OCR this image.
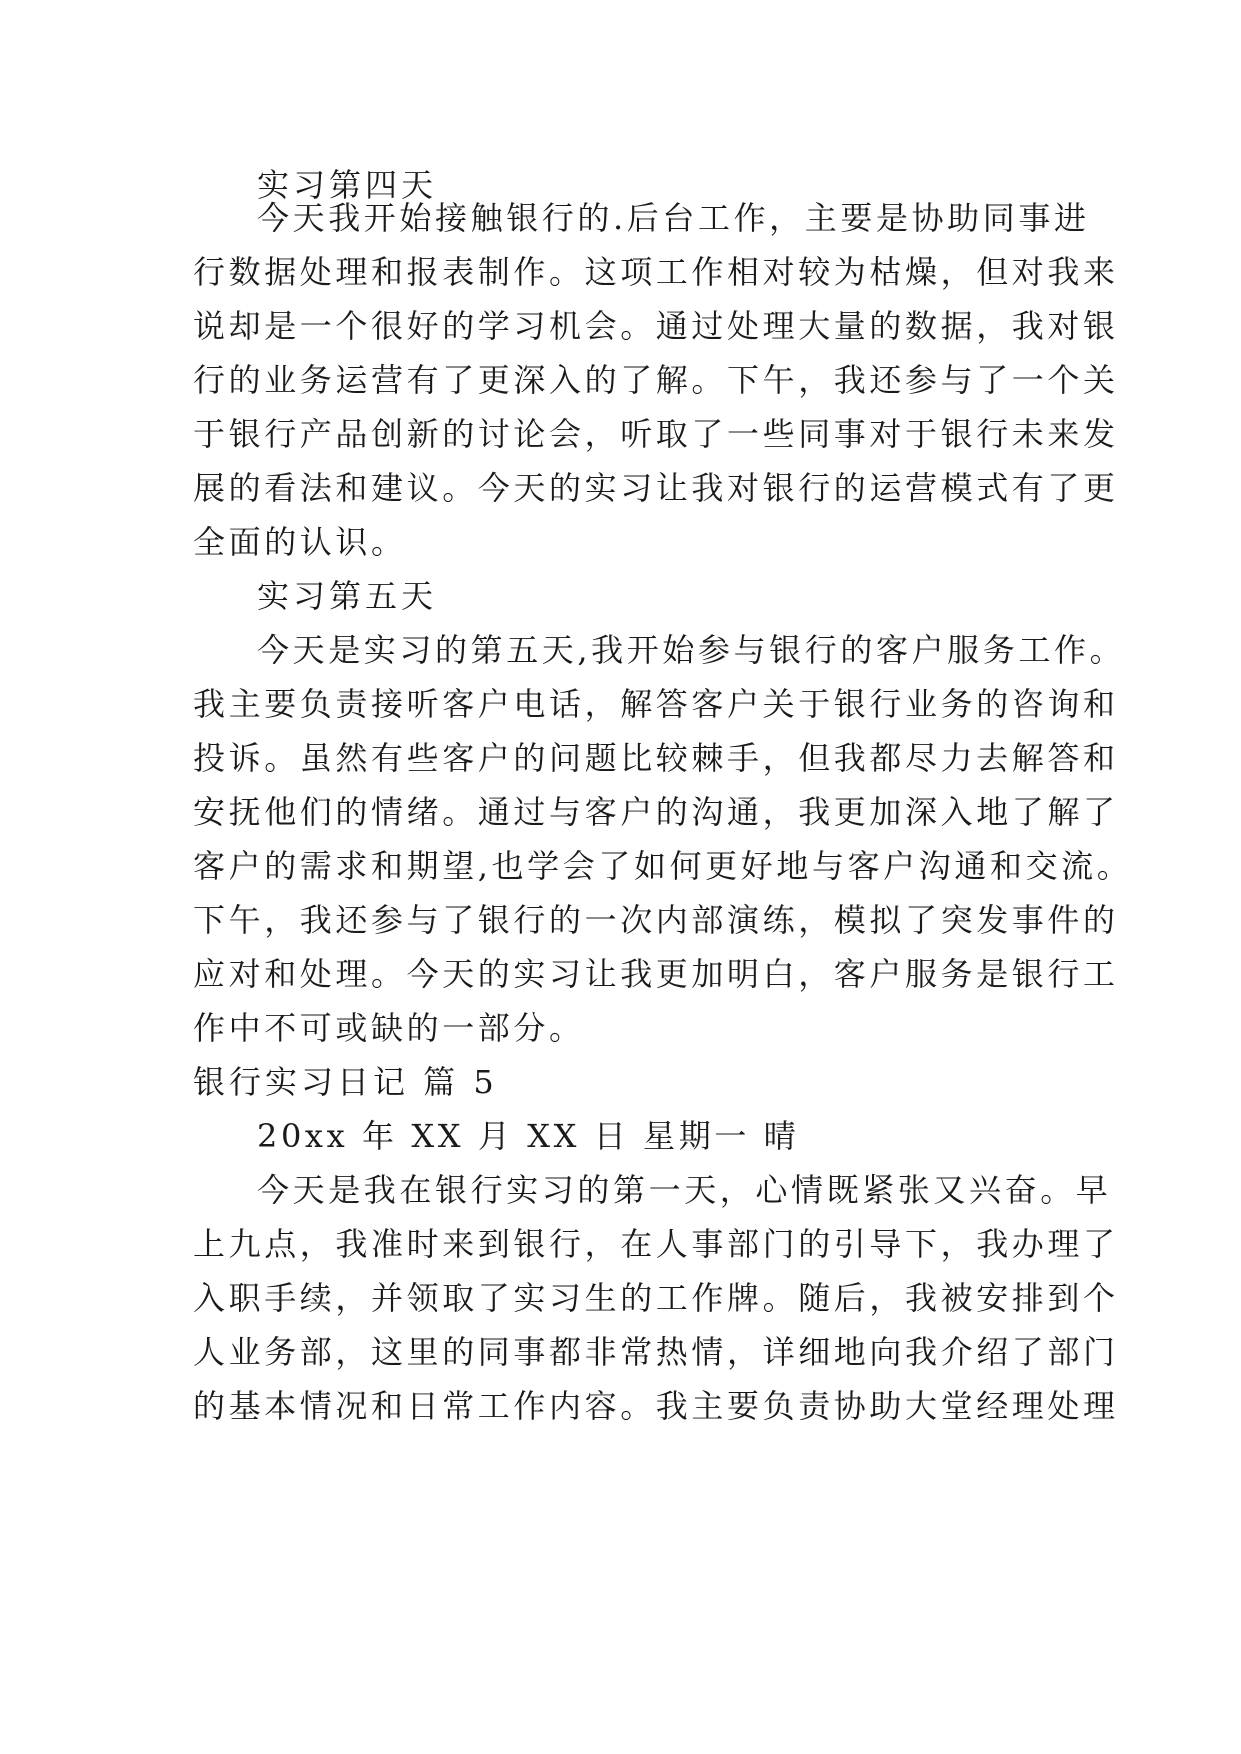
实习第四天
今天我开始接触银行的.后台工作，主要是协助同事进
行数据处理和报表制作。这项工作相对较为枯燥，但对我来
说却是一个很好的学习机会。通过处理大量的数据，我对银
行的业务运营有了更深入的了解。下午，我还参与了一个关
于银行产品创新的讨论会，听取了一些同事对于银行未来发
展的看法和建议。今天的实习让我对银行的运营模式有了更
全面的认识。
实习第五天
今天是实习的第五天,我开始参与银行的客户服务工作。
我主要负责接听客户电话，解答客户关于银行业务的咨询和
投诉。虽然有些客户的问题比较棘手，但我都尽力去解答和
安抚他们的情绪。通过与客户的沟通，我更加深入地了解了
客户的需求和期望,也学会了如何更好地与客户沟通和交流。
下午，我还参与了银行的一次内部演练，模拟了突发事件的
应对和处理。今天的实习让我更加明白，客户服务是银行工
作中不可或缺的一部分。
银行实习日记 篇 5
20xx 年 XX 月 XX 日 星期一 晴
今天是我在银行实习的第一天，心情既紧张又兴奋。早
上九点，我准时来到银行，在人事部门的引导下，我办理了
入职手续，并领取了实习生的工作牌。随后，我被安排到个
人业务部，这里的同事都非常热情，详细地向我介绍了部门
的基本情况和日常工作内容。我主要负责协助大堂经理处理
